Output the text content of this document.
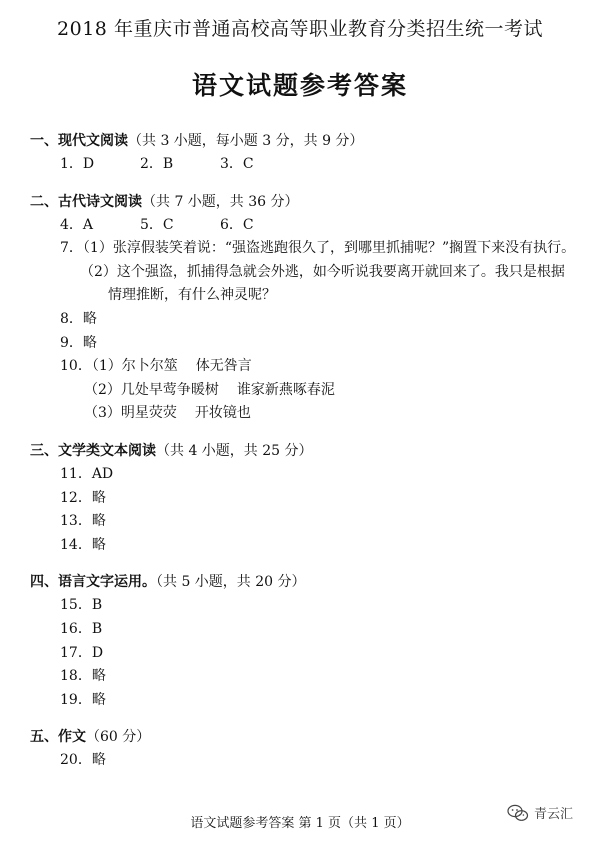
2018 年重庆市普通高校高等职业教育分类招生统一考试
语文试题参考答案
一、现代文阅读（共 3 小题，每小题 3 分，共 9 分）
1．D	2．B	3．C
二、古代诗文阅读（共 7 小题，共 36 分）
4．A	5．C	6．C
7．（1）张淳假装笑着说：“强盗逃跑很久了，到哪里抓捕呢？”搁置下来没有执行。
（2）这个强盗，抓捕得急就会外逃，如今听说我要离开就回来了。我只是根据
情理推断，有什么神灵呢？
8．略
9．略
10．（1）尔卜尔筮 体无咎言
（2）几处早莺争暖树 谁家新燕啄春泥
（3）明星荧荧 开妆镜也
三、文学类文本阅读（共 4 小题，共 25 分）
11．AD
12．略
13．略
14．略
四、语言文字运用。（共 5 小题，共 20 分）
15．B
16．B
17．D
18．略
19．略
五、作文（60 分）
20．略
语文试题参考答案 第 1 页（共 1 页）
青云汇
